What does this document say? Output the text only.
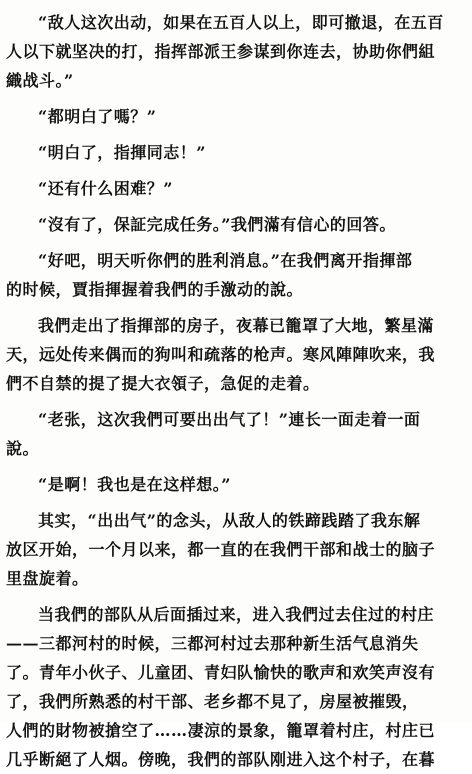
“敌人这次出动，如果在五百人以上，即可撤退，在五百
人以下就坚决的打，指挥部派王参谋到你连去，协助你們組
織战斗。”

“都明白了嗎？”

“明白了，指揮同志！”

“还有什么困难？”

“沒有了，保証完成任务。”我們滿有信心的回答。

“好吧，明天听你們的胜利消息。”在我們离开指揮部
的时候，賈指揮握着我們的手激动的說。

我們走出了指揮部的房子，夜幕已籠罩了大地，繁星滿
天，远处传来偶而的狗叫和疏落的枪声。寒风陣陣吹来，我
們不自禁的提了提大衣領子，急促的走着。

“老张，这次我們可要出出气了！”連长一面走着一面
說。

“是啊！我也是在这样想。”

其实，“出出气”的念头，从敌人的铁蹄践踏了我东解
放区开始，一个月以来，都一直的在我們干部和战士的脑子
里盘旋着。

当我們的部队从后面插过来，进入我們过去住过的村庄
——三都河村的时候，三都河村过去那种新生活气息消失
了。青年小伙子、儿童团、青妇队愉快的歌声和欢笑声沒有
了，我們所熟悉的村干部、老乡都不見了，房屋被摧毁，
人們的財物被搶空了……凄涼的景象，籠罩着村庄，村庄已
几乎断絕了人烟。傍晚，我們的部队刚进入这个村子，在暮
